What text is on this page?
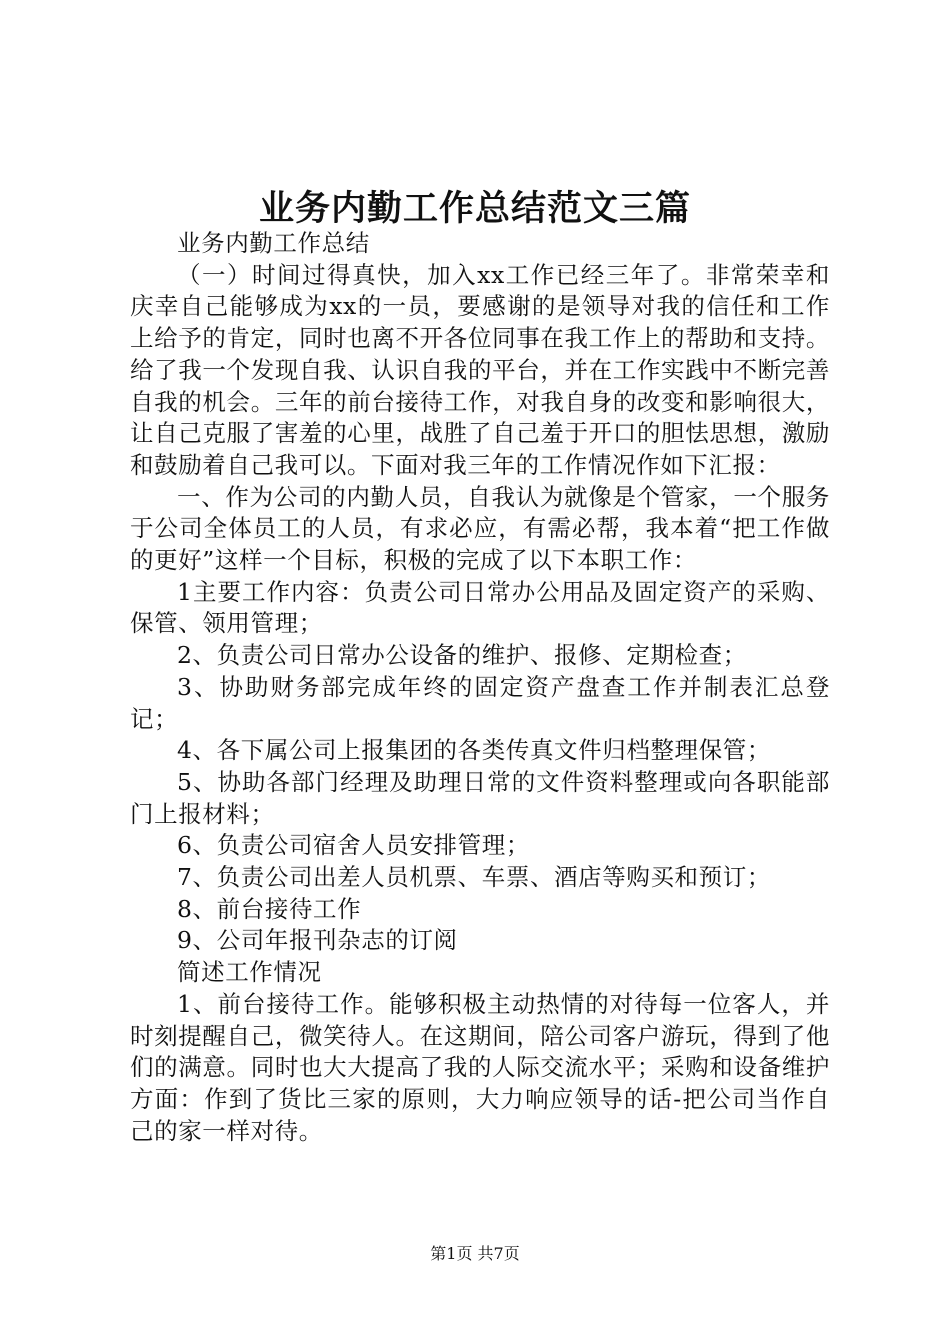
业务内勤工作总结范文三篇

业务内勤工作总结

（一）时间过得真快，加入xx工作已经三年了。非常荣幸和庆幸自己能够成为xx的一员，要感谢的是领导对我的信任和工作上给予的肯定，同时也离不开各位同事在我工作上的帮助和支持。给了我一个发现自我、认识自我的平台，并在工作实践中不断完善自我的机会。三年的前台接待工作，对我自身的改变和影响很大，让自己克服了害羞的心里，战胜了自己羞于开口的胆怯思想，激励和鼓励着自己我可以。下面对我三年的工作情况作如下汇报：

一、作为公司的内勤人员，自我认为就像是个管家，一个服务于公司全体员工的人员，有求必应，有需必帮，我本着“把工作做的更好”这样一个目标，积极的完成了以下本职工作：

1主要工作内容：负责公司日常办公用品及固定资产的采购、保管、领用管理；

2、负责公司日常办公设备的维护、报修、定期检查；

3、协助财务部完成年终的固定资产盘查工作并制表汇总登记；

4、各下属公司上报集团的各类传真文件归档整理保管；

5、协助各部门经理及助理日常的文件资料整理或向各职能部门上报材料；

6、负责公司宿舍人员安排管理；

7、负责公司出差人员机票、车票、酒店等购买和预订；

8、前台接待工作

9、公司年报刊杂志的订阅

简述工作情况

1、前台接待工作。能够积极主动热情的对待每一位客人，并时刻提醒自己，微笑待人。在这期间，陪公司客户游玩，得到了他们的满意。同时也大大提高了我的人际交流水平；采购和设备维护方面：作到了货比三家的原则，大力响应领导的话-把公司当作自己的家一样对待。

第1页 共7页
